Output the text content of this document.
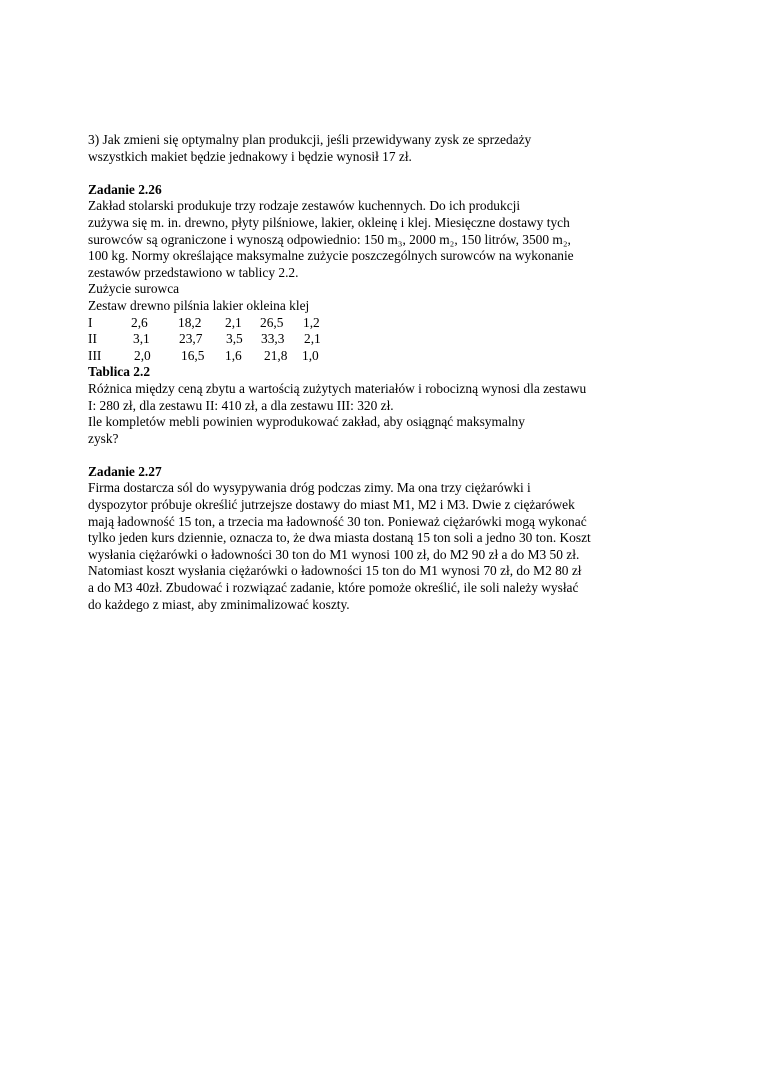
3) Jak zmieni się optymalny plan produkcji, jeśli przewidywany zysk ze sprzedaży
wszystkich makiet będzie jednakowy i będzie wynosił 17 zł.
Zadanie 2.26
Zakład stolarski produkuje trzy rodzaje zestawów kuchennych. Do ich produkcji
zużywa się m. in. drewno, płyty pilśniowe, lakier, okleinę i klej. Miesięczne dostawy tych
surowców są ograniczone i wynoszą odpowiednio: 150 m₃, 2000 m₂, 150 litrów, 3500 m₂,
100 kg. Normy określające maksymalne zużycie poszczególnych surowców na wykonanie
zestawów przedstawiono w tablicy 2.2.
Zużycie surowca
Zestaw drewno pilśnia lakier okleina klej
I	2,6 18,2 2,1 26,5 1,2
II	3,1 23,7 3,5 33,3 2,1
III 2,0 16,5 1,6 21,8 1,0
Tablica 2.2
Różnica między ceną zbytu a wartością zużytych materiałów i robocizną wynosi dla zestawu
I: 280 zł, dla zestawu II: 410 zł, a dla zestawu III: 320 zł.
Ile kompletów mebli powinien wyprodukować zakład, aby osiągnąć maksymalny
zysk?
Zadanie 2.27
Firma dostarcza sól do wysypywania dróg podczas zimy. Ma ona trzy ciężarówki i
dyspozytor próbuje określić jutrzejsze dostawy do miast M1, M2 i M3. Dwie z ciężarówek
mają ładowność 15 ton, a trzecia ma ładowność 30 ton. Ponieważ ciężarówki mogą wykonać
tylko jeden kurs dziennie, oznacza to, że dwa miasta dostaną 15 ton soli a jedno 30 ton. Koszt
wysłania ciężarówki o ładowności 30 ton do M1 wynosi 100 zł, do M2 90 zł a do M3 50 zł.
Natomiast koszt wysłania ciężarówki o ładowności 15 ton do M1 wynosi 70 zł, do M2 80 zł
a do M3 40zł. Zbudować i rozwiązać zadanie, które pomoże określić, ile soli należy wysłać
do każdego z miast, aby zminimalizować koszty.
